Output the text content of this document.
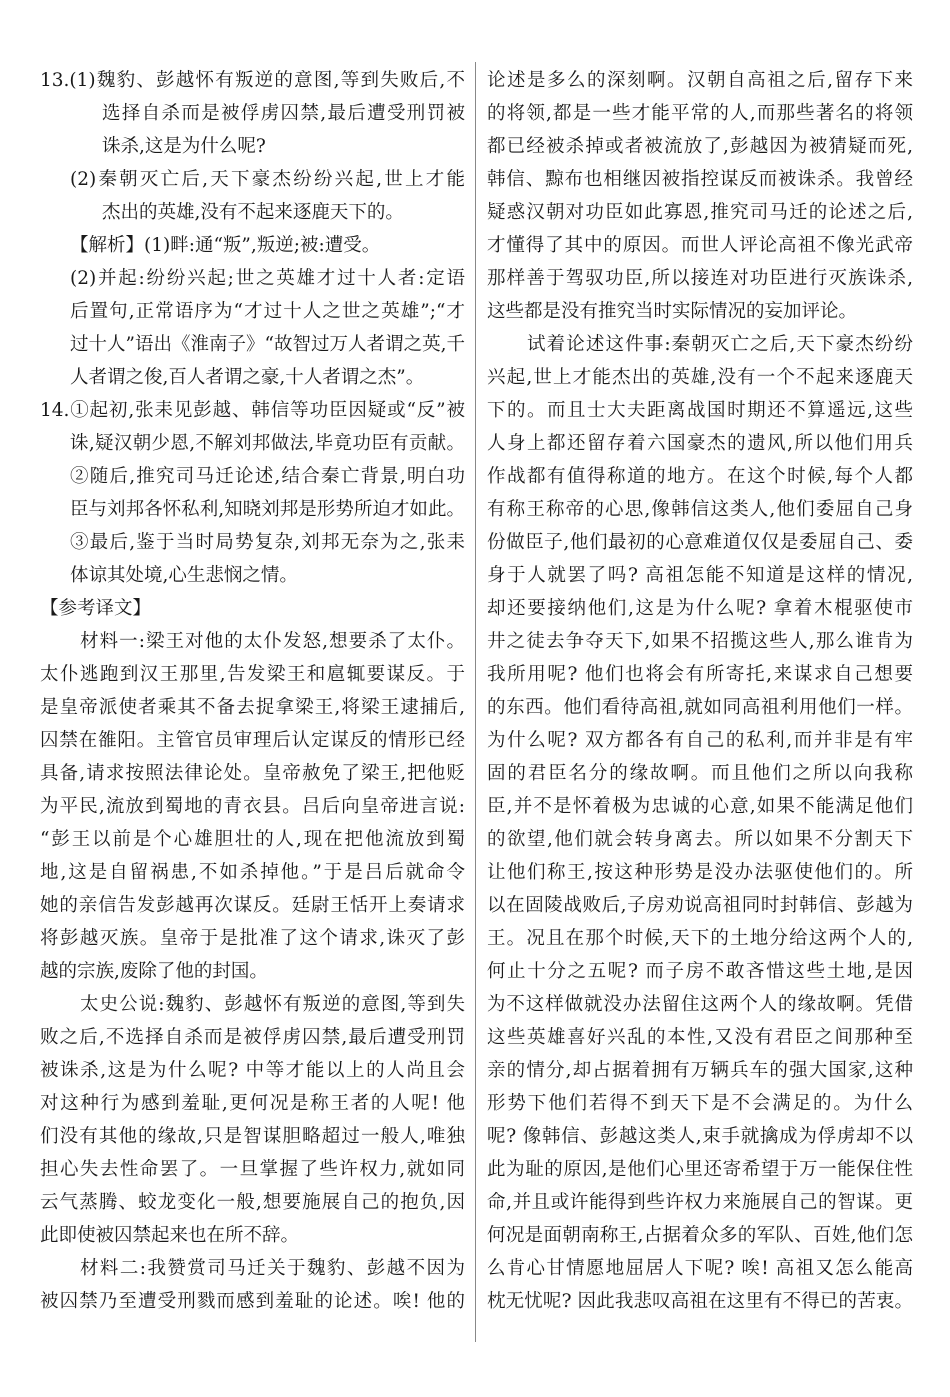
13.(1)魏豹、彭越怀有叛逆的意图,等到失败后,不
选择自杀而是被俘虏囚禁,最后遭受刑罚被
诛杀,这是为什么呢?
(2)秦朝灭亡后,天下豪杰纷纷兴起,世上才能
杰出的英雄,没有不起来逐鹿天下的。
【解析】(1)畔:通“叛”,叛逆;被:遭受。
(2)并起:纷纷兴起;世之英雄才过十人者:定语
后置句,正常语序为“才过十人之世之英雄”;“才
过十人”语出《淮南子》“故智过万人者谓之英,千
人者谓之俊,百人者谓之豪,十人者谓之杰”。
14.①起初,张耒见彭越、韩信等功臣因疑或“反”被
诛,疑汉朝少恩,不解刘邦做法,毕竟功臣有贡献。
②随后,推究司马迁论述,结合秦亡背景,明白功
臣与刘邦各怀私利,知晓刘邦是形势所迫才如此。
③最后,鉴于当时局势复杂,刘邦无奈为之,张耒
体谅其处境,心生悲悯之情。
【参考译文】
材料一:梁王对他的太仆发怒,想要杀了太仆。
太仆逃跑到汉王那里,告发梁王和扈辄要谋反。于
是皇帝派使者乘其不备去捉拿梁王,将梁王逮捕后,
囚禁在雒阳。主管官员审理后认定谋反的情形已经
具备,请求按照法律论处。皇帝赦免了梁王,把他贬
为平民,流放到蜀地的青衣县。吕后向皇帝进言说:
“彭王以前是个心雄胆壮的人,现在把他流放到蜀
地,这是自留祸患,不如杀掉他。”于是吕后就命令
她的亲信告发彭越再次谋反。廷尉王恬开上奏请求
将彭越灭族。皇帝于是批准了这个请求,诛灭了彭
越的宗族,废除了他的封国。
太史公说:魏豹、彭越怀有叛逆的意图,等到失
败之后,不选择自杀而是被俘虏囚禁,最后遭受刑罚
被诛杀,这是为什么呢? 中等才能以上的人尚且会
对这种行为感到羞耻,更何况是称王者的人呢! 他
们没有其他的缘故,只是智谋胆略超过一般人,唯独
担心失去性命罢了。一旦掌握了些许权力,就如同
云气蒸腾、蛟龙变化一般,想要施展自己的抱负,因
此即使被囚禁起来也在所不辞。
材料二:我赞赏司马迁关于魏豹、彭越不因为
被囚禁乃至遭受刑戮而感到羞耻的论述。唉! 他的
论述是多么的深刻啊。汉朝自高祖之后,留存下来
的将领,都是一些才能平常的人,而那些著名的将领
都已经被杀掉或者被流放了,彭越因为被猜疑而死,
韩信、黥布也相继因被指控谋反而被诛杀。我曾经
疑惑汉朝对功臣如此寡恩,推究司马迁的论述之后,
才懂得了其中的原因。而世人评论高祖不像光武帝
那样善于驾驭功臣,所以接连对功臣进行灭族诛杀,
这些都是没有推究当时实际情况的妄加评论。
试着论述这件事:秦朝灭亡之后,天下豪杰纷纷
兴起,世上才能杰出的英雄,没有一个不起来逐鹿天
下的。而且士大夫距离战国时期还不算遥远,这些
人身上都还留存着六国豪杰的遗风,所以他们用兵
作战都有值得称道的地方。在这个时候,每个人都
有称王称帝的心思,像韩信这类人,他们委屈自己身
份做臣子,他们最初的心意难道仅仅是委屈自己、委
身于人就罢了吗? 高祖怎能不知道是这样的情况,
却还要接纳他们,这是为什么呢? 拿着木棍驱使市
井之徒去争夺天下,如果不招揽这些人,那么谁肯为
我所用呢? 他们也将会有所寄托,来谋求自己想要
的东西。他们看待高祖,就如同高祖利用他们一样。
为什么呢? 双方都各有自己的私利,而并非是有牢
固的君臣名分的缘故啊。而且他们之所以向我称
臣,并不是怀着极为忠诚的心意,如果不能满足他们
的欲望,他们就会转身离去。所以如果不分割天下
让他们称王,按这种形势是没办法驱使他们的。所
以在固陵战败后,子房劝说高祖同时封韩信、彭越为
王。况且在那个时候,天下的土地分给这两个人的,
何止十分之五呢? 而子房不敢吝惜这些土地,是因
为不这样做就没办法留住这两个人的缘故啊。凭借
这些英雄喜好兴乱的本性,又没有君臣之间那种至
亲的情分,却占据着拥有万辆兵车的强大国家,这种
形势下他们若得不到天下是不会满足的。为什么
呢? 像韩信、彭越这类人,束手就擒成为俘虏却不以
此为耻的原因,是他们心里还寄希望于万一能保住性
命,并且或许能得到些许权力来施展自己的智谋。更
何况是面朝南称王,占据着众多的军队、百姓,他们怎
么肯心甘情愿地屈居人下呢? 唉! 高祖又怎么能高
枕无忧呢? 因此我悲叹高祖在这里有不得已的苦衷。
